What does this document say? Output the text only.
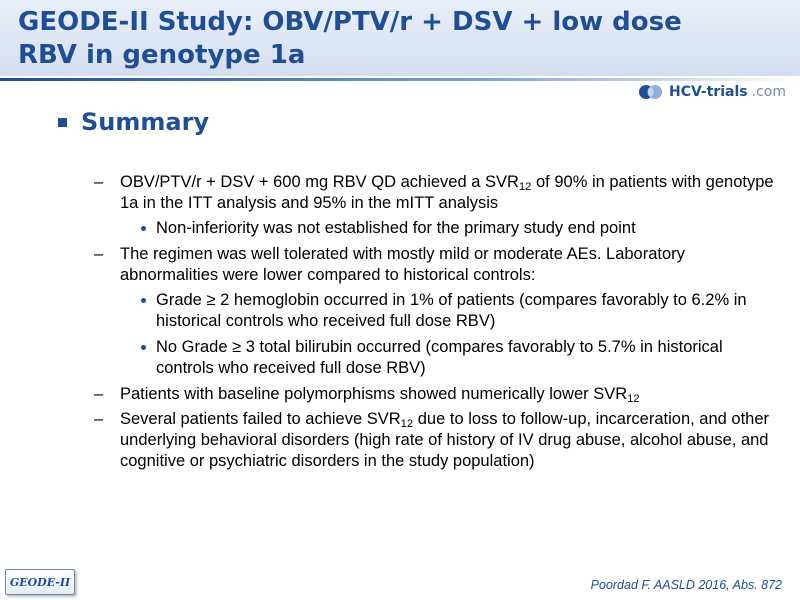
GEODE-II Study: OBV/PTV/r + DSV + low dose RBV in genotype 1a
HCV-trials .com
Summary
– OBV/PTV/r + DSV + 600 mg RBV QD achieved a $SVR_{12}$ of 90% in patients with genotype 1a in the ITT analysis and 95% in the mITT analysis
Non-inferiority was not established for the primary study end point
– The regimen was well tolerated with mostly mild or moderate AEs. Laboratory abnormalities were lower compared to historical controls:
Grade ≥ 2 hemoglobin occurred in 1% of patients (compares favorably to 6.2% in historical controls who received full dose RBV)
No Grade ≥ 3 total bilirubin occurred (compares favorably to 5.7% in historical controls who received full dose RBV)
– Patients with baseline polymorphisms showed numerically lower $SVR_{12}$
– Several patients failed to achieve $SVR_{12}$ due to loss to follow-up, incarceration, and other underlying behavioral disorders (high rate of history of IV drug abuse, alcohol abuse, and cognitive or psychiatric disorders in the study population)
GEODE-II	Poordad F. AASLD 2016, Abs. 872
